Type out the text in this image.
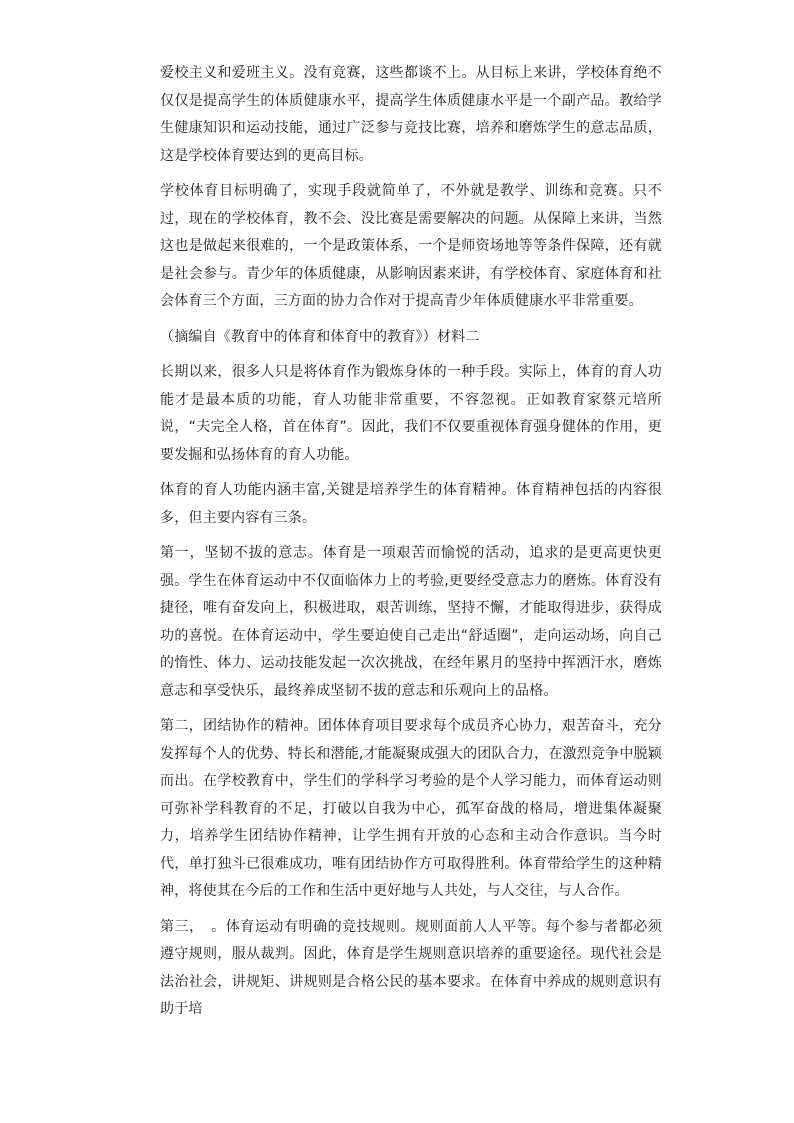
爱校主义和爱班主义。没有竞赛，这些都谈不上。从目标上来讲，学校体育绝不仅仅是提高学生的体质健康水平，提高学生体质健康水平是一个副产品。教给学生健康知识和运动技能，通过广泛参与竞技比赛，培养和磨炼学生的意志品质，这是学校体育要达到的更高目标。

学校体育目标明确了，实现手段就简单了，不外就是教学、训练和竞赛。只不过，现在的学校体育，教不会、没比赛是需要解决的问题。从保障上来讲，当然这也是做起来很难的，一个是政策体系，一个是师资场地等等条件保障，还有就是社会参与。青少年的体质健康，从影响因素来讲，有学校体育、家庭体育和社会体育三个方面，三方面的协力合作对于提高青少年体质健康水平非常重要。

（摘编自《教育中的体育和体育中的教育》）材料二

长期以来，很多人只是将体育作为锻炼身体的一种手段。实际上，体育的育人功能才是最本质的功能，育人功能非常重要，不容忽视。正如教育家蔡元培所说，“夫完全人格，首在体育”。因此，我们不仅要重视体育强身健体的作用，更要发掘和弘扬体育的育人功能。

体育的育人功能内涵丰富,关键是培养学生的体育精神。体育精神包括的内容很多，但主要内容有三条。

第一，坚韧不拔的意志。体育是一项艰苦而愉悦的活动，追求的是更高更快更强。学生在体育运动中不仅面临体力上的考验,更要经受意志力的磨炼。体育没有捷径，唯有奋发向上，积极进取，艰苦训练，坚持不懈，才能取得进步，获得成功的喜悦。在体育运动中，学生要迫使自己走出“舒适圈”，走向运动场，向自己的惰性、体力、运动技能发起一次次挑战，在经年累月的坚持中挥洒汗水，磨炼意志和享受快乐，最终养成坚韧不拔的意志和乐观向上的品格。

第二，团结协作的精神。团体体育项目要求每个成员齐心协力，艰苦奋斗，充分发挥每个人的优势、特长和潜能,才能凝聚成强大的团队合力，在激烈竞争中脱颖而出。在学校教育中，学生们的学科学习考验的是个人学习能力，而体育运动则可弥补学科教育的不足，打破以自我为中心，孤军奋战的格局，增进集体凝聚力，培养学生团结协作精神，让学生拥有开放的心态和主动合作意识。当今时代，单打独斗已很难成功，唯有团结协作方可取得胜利。体育带给学生的这种精神，将使其在今后的工作和生活中更好地与人共处，与人交往，与人合作。

第三，　。体育运动有明确的竞技规则。规则面前人人平等。每个参与者都必须遵守规则，服从裁判。因此，体育是学生规则意识培养的重要途径。现代社会是法治社会，讲规矩、讲规则是合格公民的基本要求。在体育中养成的规则意识有助于培
